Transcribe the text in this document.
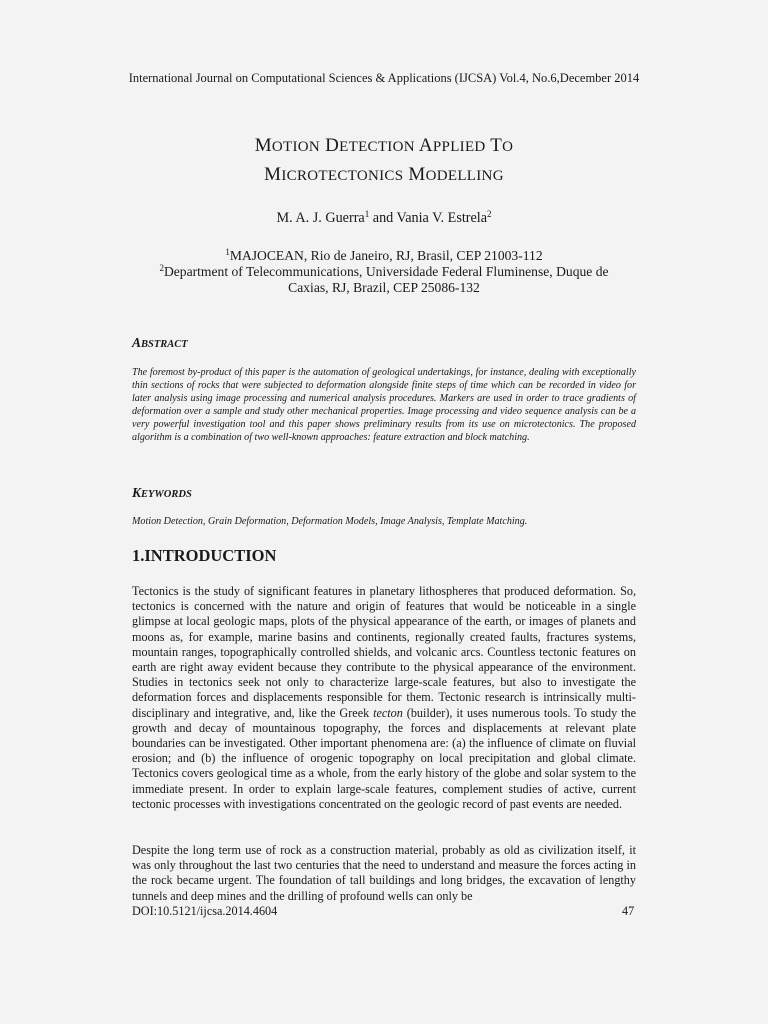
International Journal on Computational Sciences & Applications (IJCSA) Vol.4, No.6,December 2014
MOTION DETECTION APPLIED TO
MICROTECTONICS MODELLING
M. A. J. Guerra$^1$ and Vania V. Estrela$^2$
$^1$MAJOCEAN, Rio de Janeiro, RJ, Brasil, CEP 21003-112
$^2$Department of Telecommunications, Universidade Federal Fluminense, Duque de
Caxias, RJ, Brazil, CEP 25086-132
ABSTRACT
The foremost by-product of this paper is the automation of geological undertakings, for instance, dealing with exceptionally thin sections of rocks that were subjected to deformation alongside finite steps of time which can be recorded in video for later analysis using image processing and numerical analysis procedures. Markers are used in order to trace gradients of deformation over a sample and study other mechanical properties. Image processing and video sequence analysis can be a very powerful investigation tool and this paper shows preliminary results from its use on microtectonics. The proposed algorithm is a combination of two well-known approaches: feature extraction and block matching.
KEYWORDS
Motion Detection, Grain Deformation, Deformation Models, Image Analysis, Template Matching.
1.INTRODUCTION
Tectonics is the study of significant features in planetary lithospheres that produced deformation. So, tectonics is concerned with the nature and origin of features that would be noticeable in a single glimpse at local geologic maps, plots of the physical appearance of the earth, or images of planets and moons as, for example, marine basins and continents, regionally created faults, fractures systems, mountain ranges, topographically controlled shields, and volcanic arcs. Countless tectonic features on earth are right away evident because they contribute to the physical appearance of the environment. Studies in tectonics seek not only to characterize large-scale features, but also to investigate the deformation forces and displacements responsible for them. Tectonic research is intrinsically multi-disciplinary and integrative, and, like the Greek tecton (builder), it uses numerous tools. To study the growth and decay of mountainous topography, the forces and displacements at relevant plate boundaries can be investigated. Other important phenomena are: (a) the influence of climate on fluvial erosion; and (b) the influence of orogenic topography on local precipitation and global climate. Tectonics covers geological time as a whole, from the early history of the globe and solar system to the immediate present. In order to explain large-scale features, complement studies of active, current tectonic processes with investigations concentrated on the geologic record of past events are needed.
Despite the long term use of rock as a construction material, probably as old as civilization itself, it was only throughout the last two centuries that the need to understand and measure the forces acting in the rock became urgent. The foundation of tall buildings and long bridges, the excavation of lengthy tunnels and deep mines and the drilling of profound wells can only be
DOI:10.5121/ijcsa.2014.4604	47
